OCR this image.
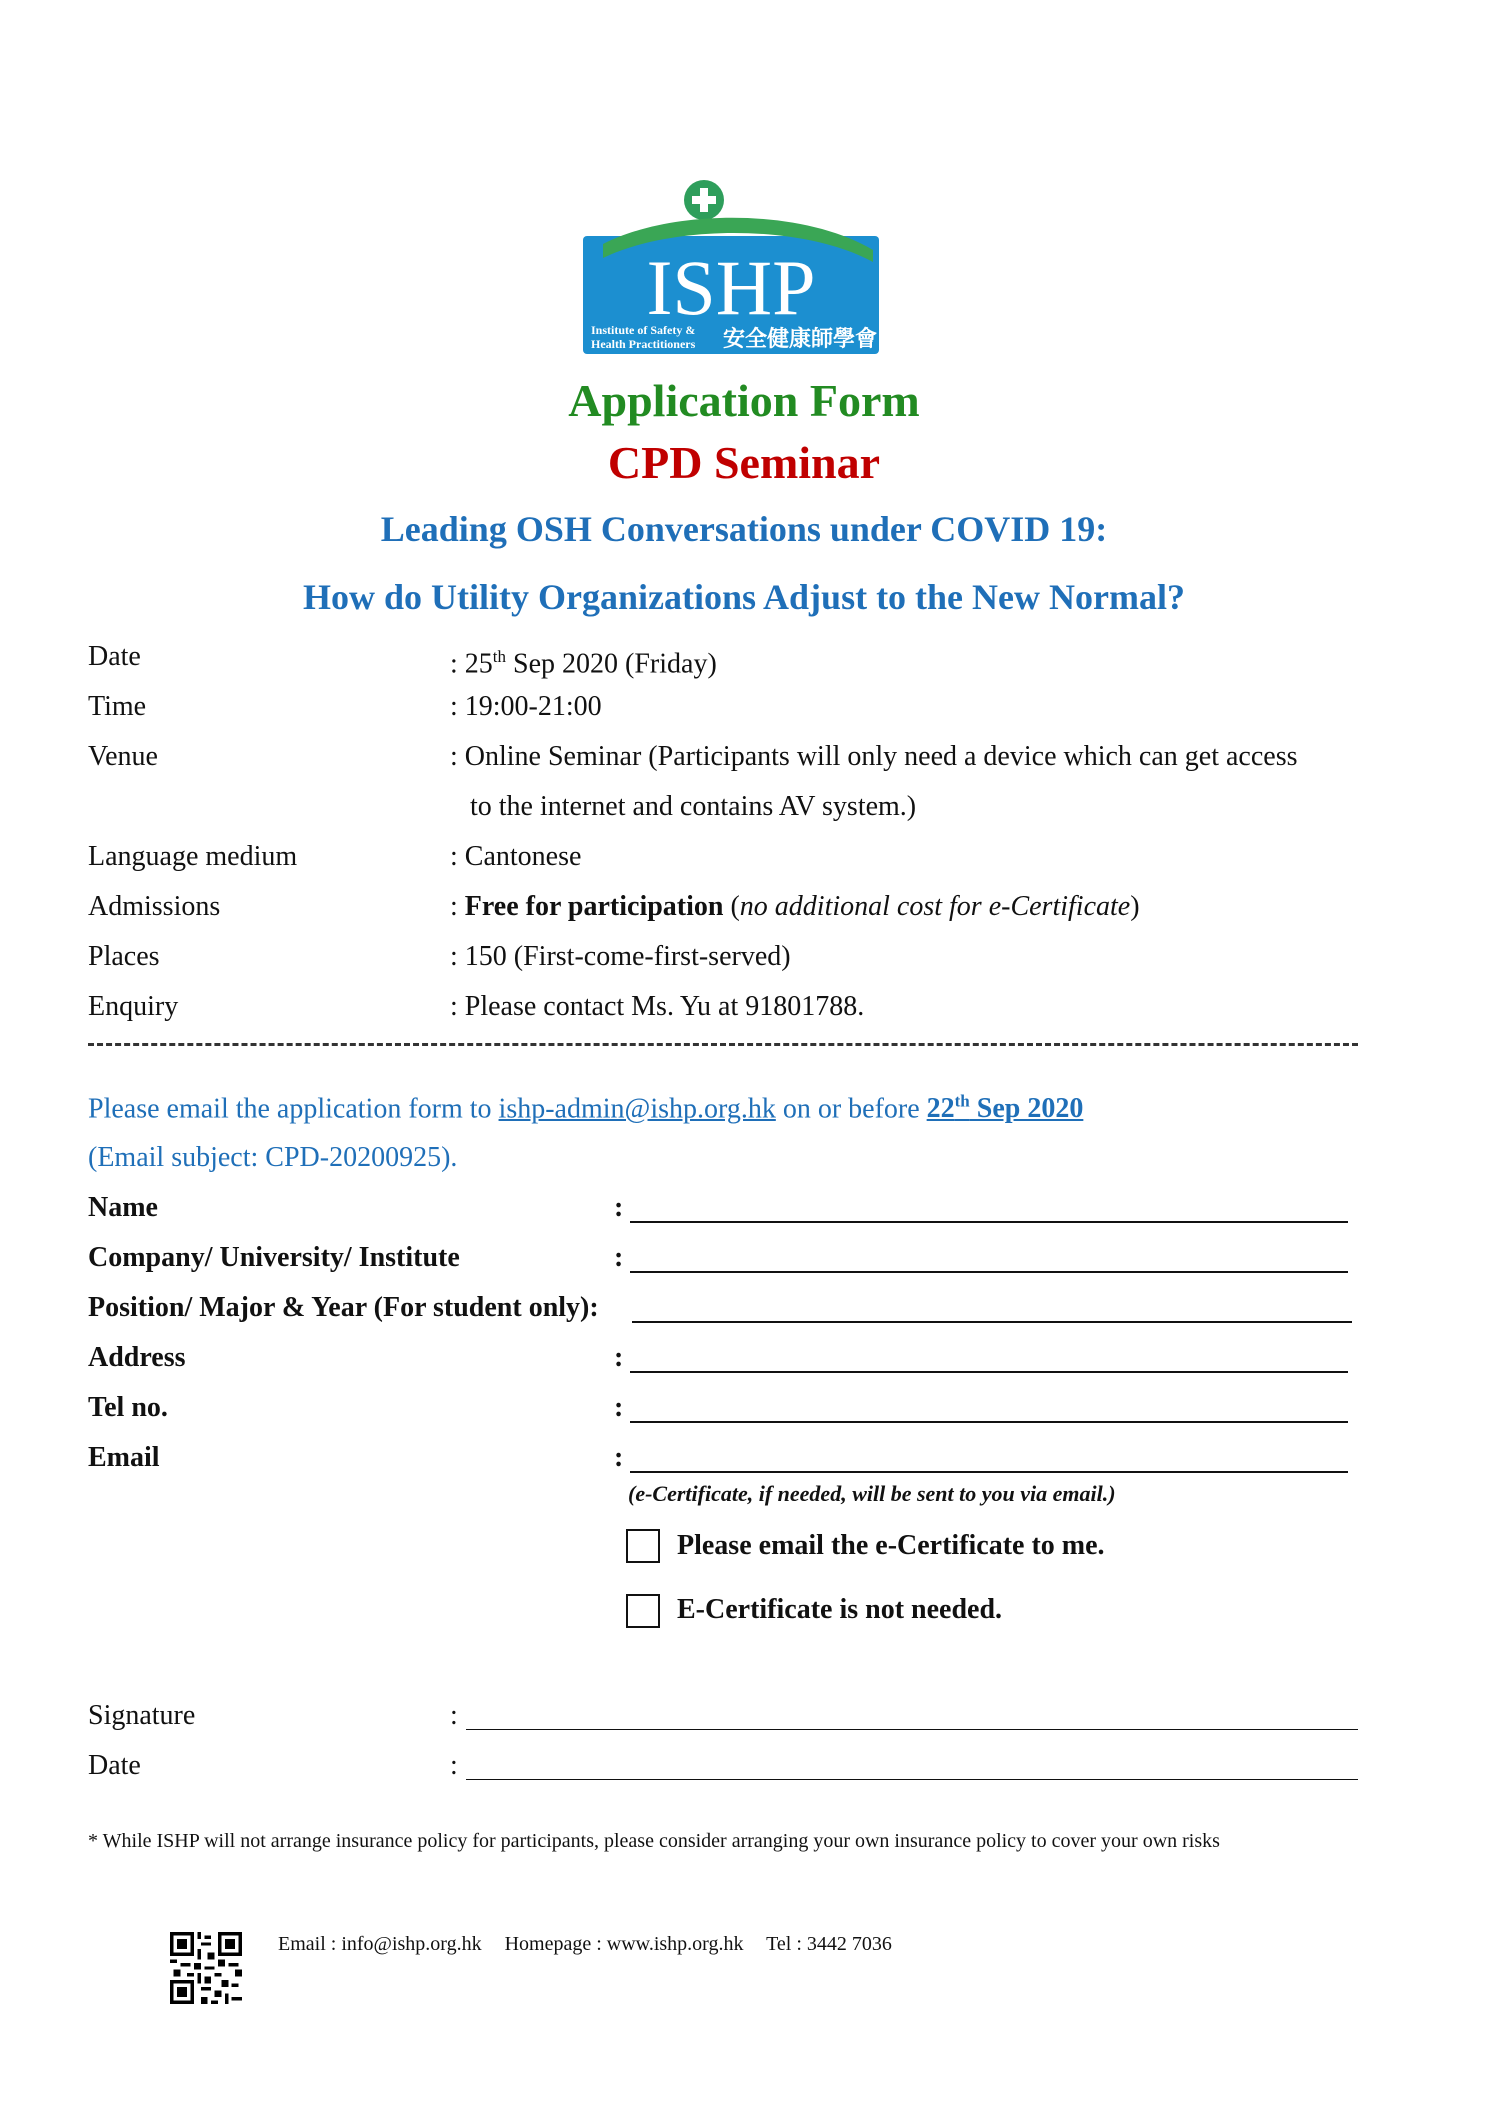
ISHP
Institute of Safety &
Health Practitioners 安全健康師學會
Application Form
CPD Seminar
Leading OSH Conversations under COVID 19:
How do Utility Organizations Adjust to the New Normal?
Date	: 25th Sep 2020 (Friday)
Time	: 19:00-21:00
Venue	: Online Seminar (Participants will only need a device which can get access
to the internet and contains AV system.)
Language medium	: Cantonese
Admissions	: Free for participation (no additional cost for e-Certificate)
Places	: 150 (First-come-first-served)
Enquiry	: Please contact Ms. Yu at 91801788.
Please email the application form to ishp-admin@ishp.org.hk on or before 22th Sep 2020
(Email subject: CPD-20200925).
Name	:
Company/ University/ Institute	:
Position/ Major & Year (For student only):
Address	:
Tel no.	:
Email	:
(e-Certificate, if needed, will be sent to you via email.)
Please email the e-Certificate to me.
E-Certificate is not needed.
Signature	:
Date	:
* While ISHP will not arrange insurance policy for participants, please consider arranging your own insurance policy to cover your own risks
Email : info@ishp.org.hk Homepage : www.ishp.org.hk Tel : 3442 7036
